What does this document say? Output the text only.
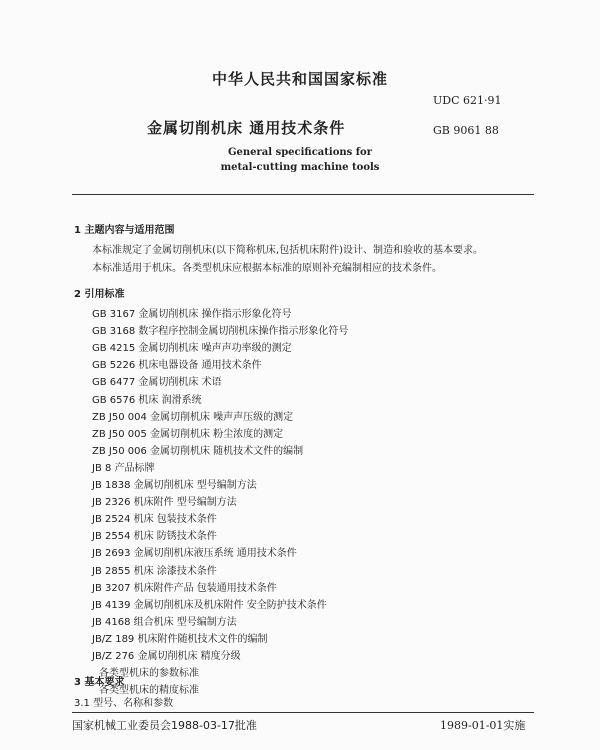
中华人民共和国国家标准
UDC 621·91
金属切削机床 通用技术条件	GB 9061 88
General specifications for
metal-cutting machine tools
1 主题内容与适用范围
本标准规定了金属切削机床(以下简称机床,包括机床附件)设计、制造和验收的基本要求。
本标准适用于机床。各类型机床应根据本标准的原则补充编制相应的技术条件。
2 引用标准
GB 3167 金属切削机床 操作指示形象化符号
GB 3168 数字程序控制金属切削机床操作指示形象化符号
GB 4215 金属切削机床 噪声声功率级的测定
GB 5226 机床电器设备 通用技术条件
GB 6477 金属切削机床 术语
GB 6576 机床 润滑系统
ZB J50 004 金属切削机床 噪声声压级的测定
ZB J50 005 金属切削机床 粉尘浓度的测定
ZB J50 006 金属切削机床 随机技术文件的编制
JB 8 产品标牌
JB 1838 金属切削机床 型号编制方法
JB 2326 机床附件 型号编制方法
JB 2524 机床 包装技术条件
JB 2554 机床 防锈技术条件
JB 2693 金属切削机床液压系统 通用技术条件
JB 2855 机床 涂漆技术条件
JB 3207 机床附件产品 包装通用技术条件
JB 4139 金属切削机床及机床附件 安全防护技术条件
JB 4168 组合机床 型号编制方法
JB/Z 189 机床附件随机技术文件的编制
JB/Z 276 金属切削机床 精度分级
各类型机床的参数标准
各类型机床的精度标准
3 基本要求
3.1 型号、名称和参数
国家机械工业委员会1988-03-17批准	1989-01-01实施
